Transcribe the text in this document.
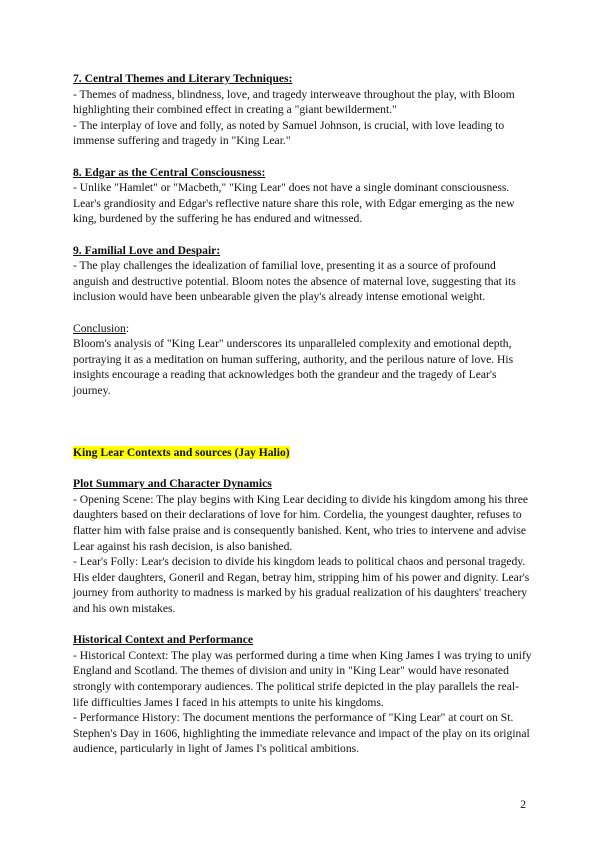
7. Central Themes and Literary Techniques:

- Themes of madness, blindness, love, and tragedy interweave throughout the play, with Bloom highlighting their combined effect in creating a "giant bewilderment."

- The interplay of love and folly, as noted by Samuel Johnson, is crucial, with love leading to immense suffering and tragedy in "King Lear."

8. Edgar as the Central Consciousness:

- Unlike "Hamlet" or "Macbeth," "King Lear" does not have a single dominant consciousness. Lear's grandiosity and Edgar's reflective nature share this role, with Edgar emerging as the new king, burdened by the suffering he has endured and witnessed.

9. Familial Love and Despair:

- The play challenges the idealization of familial love, presenting it as a source of profound anguish and destructive potential. Bloom notes the absence of maternal love, suggesting that its inclusion would have been unbearable given the play's already intense emotional weight.

Conclusion:

Bloom's analysis of "King Lear" underscores its unparalleled complexity and emotional depth, portraying it as a meditation on human suffering, authority, and the perilous nature of love. His insights encourage a reading that acknowledges both the grandeur and the tragedy of Lear's journey.

King Lear Contexts and sources (Jay Halio)

Plot Summary and Character Dynamics

- Opening Scene: The play begins with King Lear deciding to divide his kingdom among his three daughters based on their declarations of love for him. Cordelia, the youngest daughter, refuses to flatter him with false praise and is consequently banished. Kent, who tries to intervene and advise Lear against his rash decision, is also banished.

- Lear's Folly: Lear's decision to divide his kingdom leads to political chaos and personal tragedy. His elder daughters, Goneril and Regan, betray him, stripping him of his power and dignity. Lear's journey from authority to madness is marked by his gradual realization of his daughters' treachery and his own mistakes.

Historical Context and Performance

- Historical Context: The play was performed during a time when King James I was trying to unify England and Scotland. The themes of division and unity in "King Lear" would have resonated strongly with contemporary audiences. The political strife depicted in the play parallels the real-life difficulties James I faced in his attempts to unite his kingdoms.

- Performance History: The document mentions the performance of "King Lear" at court on St. Stephen's Day in 1606, highlighting the immediate relevance and impact of the play on its original audience, particularly in light of James I's political ambitions.

2
